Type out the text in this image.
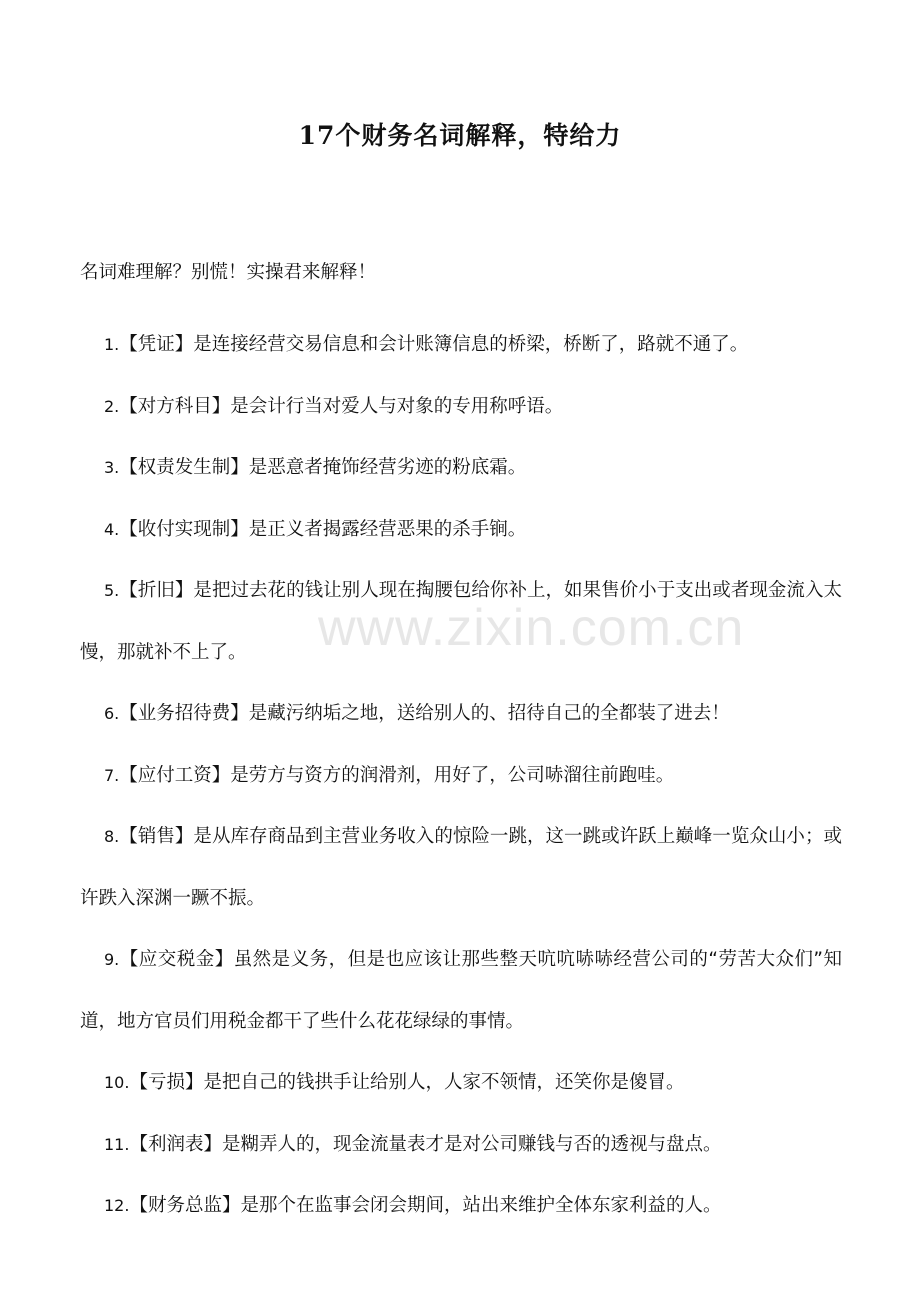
17个财务名词解释，特给力

名词难理解？别慌！实操君来解释！

1.【凭证】是连接经营交易信息和会计账簿信息的桥梁，桥断了，路就不通了。

2.【对方科目】是会计行当对爱人与对象的专用称呼语。

3.【权责发生制】是恶意者掩饰经营劣迹的粉底霜。

4.【收付实现制】是正义者揭露经营恶果的杀手锏。

5.【折旧】是把过去花的钱让别人现在掏腰包给你补上，如果售价小于支出或者现金流入太慢，那就补不上了。

6.【业务招待费】是藏污纳垢之地，送给别人的、招待自己的全都装了进去！

7.【应付工资】是劳方与资方的润滑剂，用好了，公司哧溜往前跑哇。

8.【销售】是从库存商品到主营业务收入的惊险一跳，这一跳或许跃上巅峰一览众山小；或许跌入深渊一蹶不振。

9.【应交税金】虽然是义务，但是也应该让那些整天吭吭哧哧经营公司的“劳苦大众们”知道，地方官员们用税金都干了些什么花花绿绿的事情。

10.【亏损】是把自己的钱拱手让给别人，人家不领情，还笑你是傻冒。

11.【利润表】是糊弄人的，现金流量表才是对公司赚钱与否的透视与盘点。

12.【财务总监】是那个在监事会闭会期间，站出来维护全体东家利益的人。

www.zixin.com.cn
